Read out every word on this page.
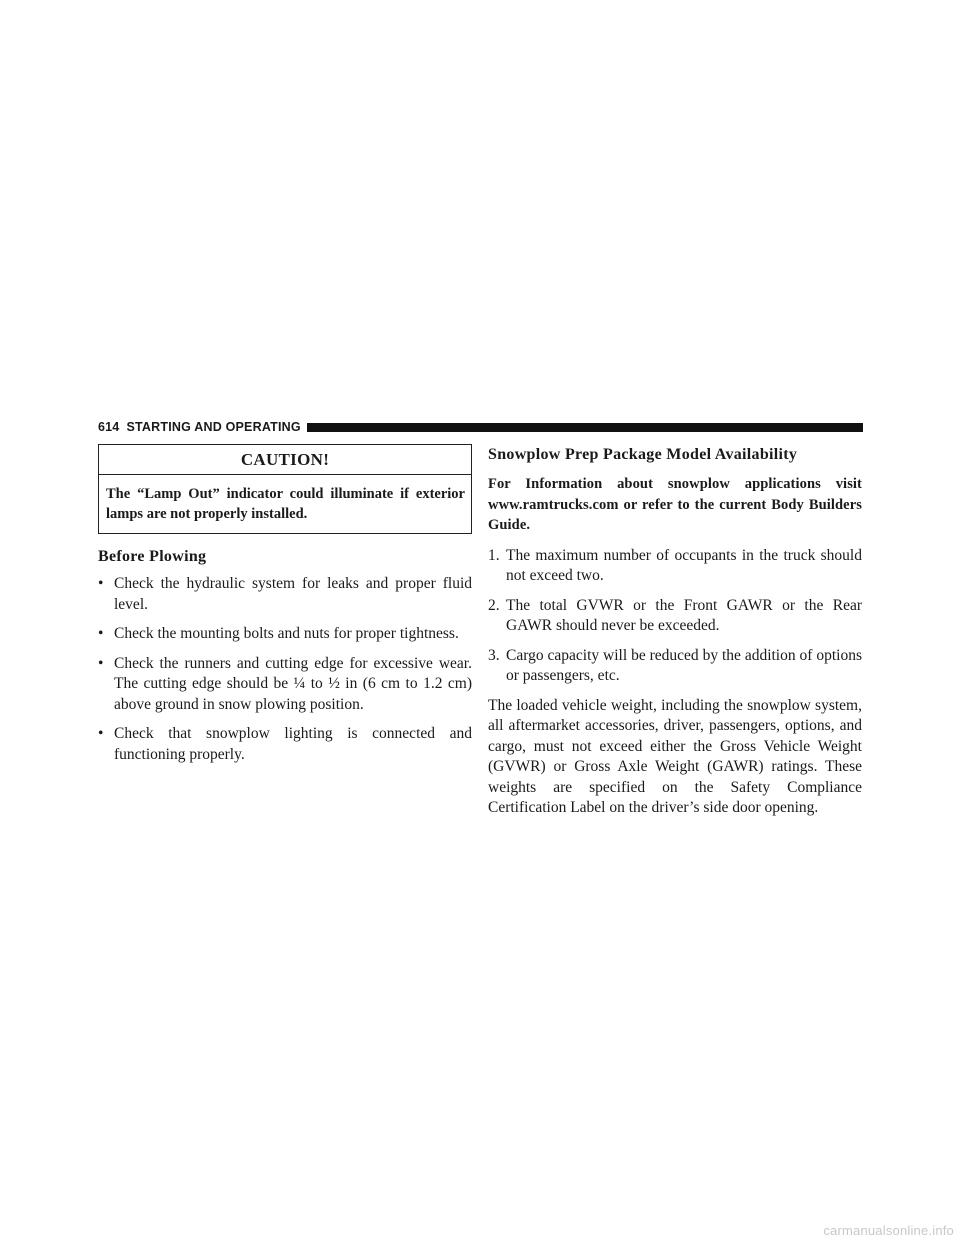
614 STARTING AND OPERATING
CAUTION!
The “Lamp Out” indicator could illuminate if exterior lamps are not properly installed.
Before Plowing
• Check the hydraulic system for leaks and proper fluid level.
• Check the mounting bolts and nuts for proper tightness.
• Check the runners and cutting edge for excessive wear. The cutting edge should be ¼ to ½ in (6 cm to 1.2 cm) above ground in snow plowing position.
• Check that snowplow lighting is connected and functioning properly.
Snowplow Prep Package Model Availability

For Information about snowplow applications visit www.ramtrucks.com or refer to the current Body Builders Guide.

1. The maximum number of occupants in the truck should not exceed two.
2. The total GVWR or the Front GAWR or the Rear GAWR should never be exceeded.
3. Cargo capacity will be reduced by the addition of options or passengers, etc.

The loaded vehicle weight, including the snowplow system, all aftermarket accessories, driver, passengers, options, and cargo, must not exceed either the Gross Vehicle Weight (GVWR) or Gross Axle Weight (GAWR) ratings. These weights are specified on the Safety Compliance Certification Label on the driver’s side door opening.

carmanualsonline.info
